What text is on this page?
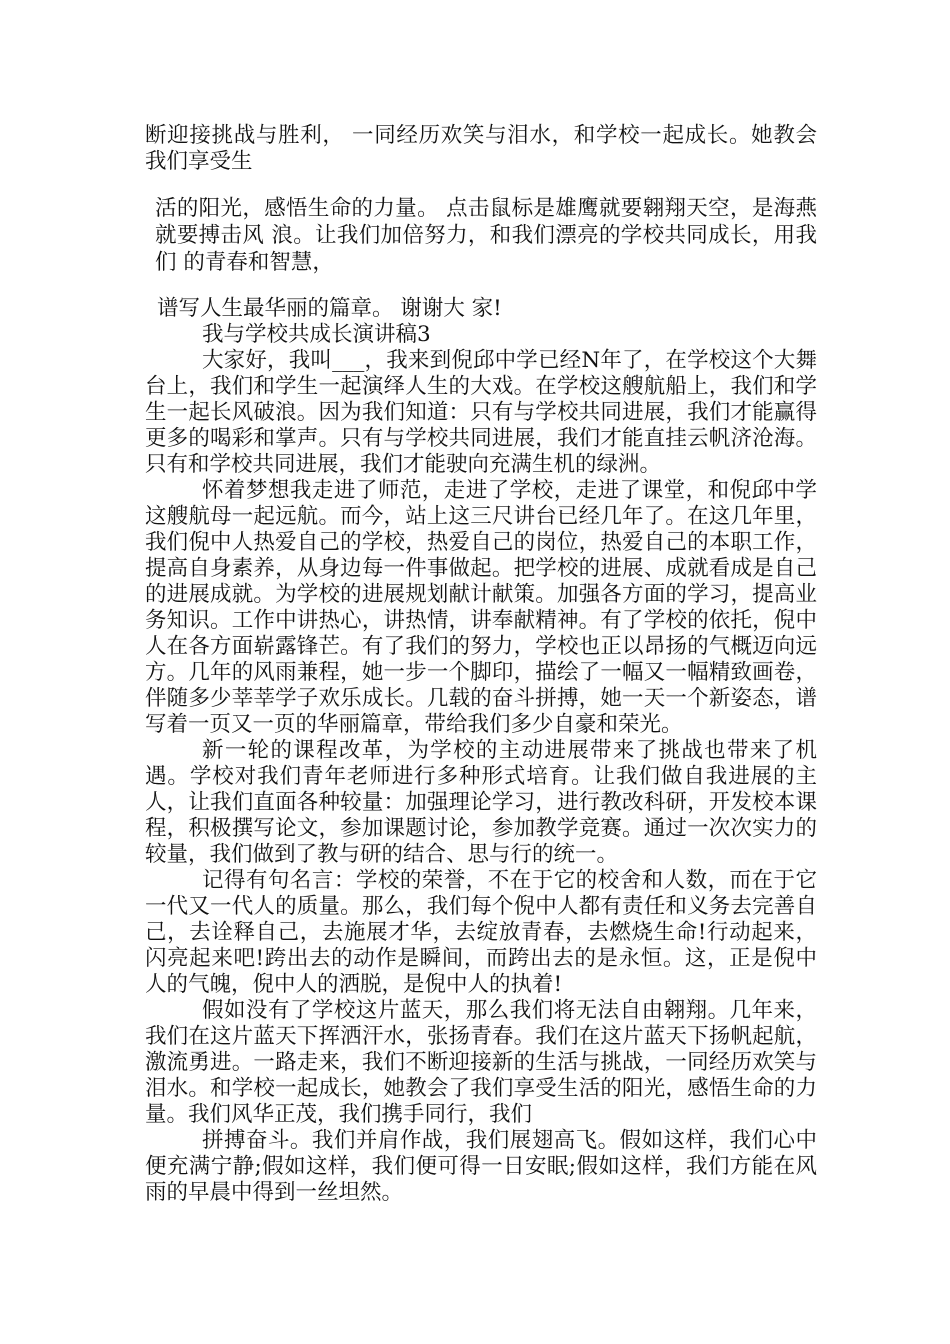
断迎接挑战与胜利， 一同经历欢笑与泪水，和学校一起成长。她教会我们享受生

活的阳光，感悟生命的力量。 点击鼠标是雄鹰就要翱翔天空，是海燕就要搏击风 浪。让我们加倍努力，和我们漂亮的学校共同成长，用我们 的青春和智慧，

谱写人生最华丽的篇章。 谢谢大 家!

我与学校共成长演讲稿3

大家好，我叫___，我来到倪邱中学已经N年了，在学校这个大舞台上，我们和学生一起演绎人生的大戏。在学校这艘航船上，我们和学生一起长风破浪。因为我们知道：只有与学校共同进展，我们才能赢得更多的喝彩和掌声。只有与学校共同进展，我们才能直挂云帆济沧海。只有和学校共同进展，我们才能驶向充满生机的绿洲。

怀着梦想我走进了师范，走进了学校，走进了课堂，和倪邱中学这艘航母一起远航。而今，站上这三尺讲台已经几年了。在这几年里，我们倪中人热爱自己的学校，热爱自己的岗位，热爱自己的本职工作，提高自身素养，从身边每一件事做起。把学校的进展、成就看成是自己的进展成就。为学校的进展规划献计献策。加强各方面的学习，提高业务知识。工作中讲热心，讲热情，讲奉献精神。有了学校的依托，倪中人在各方面崭露锋芒。有了我们的努力，学校也正以昂扬的气概迈向远方。几年的风雨兼程，她一步一个脚印，描绘了一幅又一幅精致画卷，伴随多少莘莘学子欢乐成长。几载的奋斗拼搏，她一天一个新姿态，谱写着一页又一页的华丽篇章，带给我们多少自豪和荣光。

新一轮的课程改革，为学校的主动进展带来了挑战也带来了机遇。学校对我们青年老师进行多种形式培育。让我们做自我进展的主人，让我们直面各种较量：加强理论学习，进行教改科研，开发校本课程，积极撰写论文，参加课题讨论，参加教学竞赛。通过一次次实力的较量，我们做到了教与研的结合、思与行的统一。

记得有句名言：学校的荣誉，不在于它的校舍和人数，而在于它一代又一代人的质量。那么，我们每个倪中人都有责任和义务去完善自己，去诠释自己，去施展才华，去绽放青春，去燃烧生命!行动起来，闪亮起来吧!跨出去的动作是瞬间，而跨出去的是永恒。这，正是倪中人的气魄，倪中人的洒脱，是倪中人的执着!

假如没有了学校这片蓝天，那么我们将无法自由翱翔。几年来，我们在这片蓝天下挥洒汗水，张扬青春。我们在这片蓝天下扬帆起航，激流勇进。一路走来，我们不断迎接新的生活与挑战，一同经历欢笑与泪水。和学校一起成长，她教会了我们享受生活的阳光，感悟生命的力量。我们风华正茂，我们携手同行，我们

拼搏奋斗。我们并肩作战，我们展翅高飞。假如这样，我们心中便充满宁静;假如这样，我们便可得一日安眠;假如这样，我们方能在风雨的早晨中得到一丝坦然。
